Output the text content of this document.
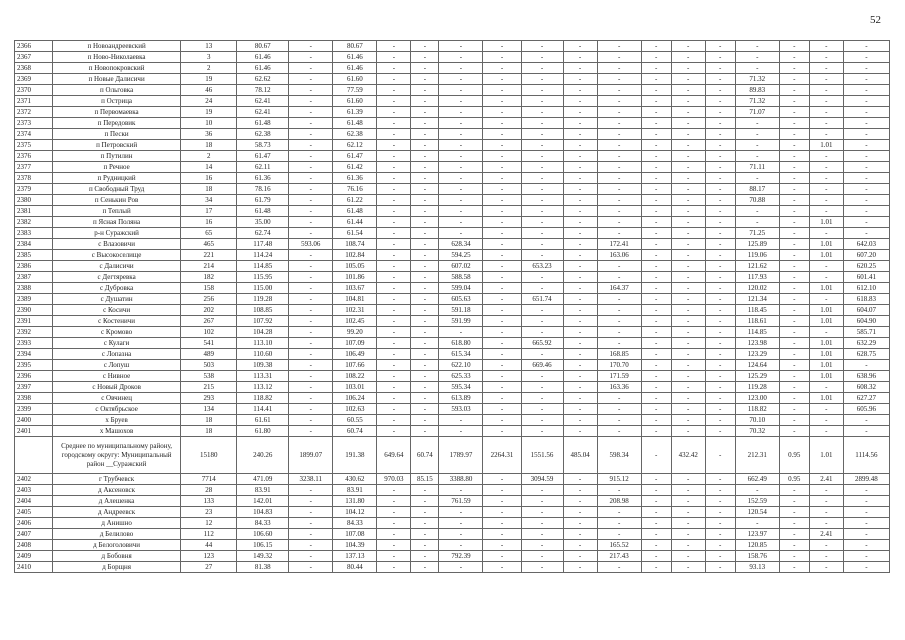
52
2366	п Новоандреевский	13	80.67	-	80.67	-	-	-	-	-	-	-	-	-	-	-	-	-	-
2367	п Ново-Николаевка	3	61.46	-	61.46	-	-	-	-	-	-	-	-	-	-	-	-	-	-
2368	п Новопокровский	2	61.46	-	61.46	-	-	-	-	-	-	-	-	-	-	-	-	-	-
2369	п Новые Далисичи	19	62.62	-	61.60	-	-	-	-	-	-	-	-	-	-	71.32	-	-	-
2370	п Ольговка	46	78.12	-	77.59	-	-	-	-	-	-	-	-	-	-	89.83	-	-	-
2371	п Острица	24	62.41	-	61.60	-	-	-	-	-	-	-	-	-	-	71.32	-	-	-
2372	п Первомаевка	19	62.41	-	61.39	-	-	-	-	-	-	-	-	-	-	71.07	-	-	-
2373	п Передовик	10	61.48	-	61.48	-	-	-	-	-	-	-	-	-	-	-	-	-	-
2374	п Пески	36	62.38	-	62.38	-	-	-	-	-	-	-	-	-	-	-	-	-	-
2375	п Петровский	18	58.73	-	62.12	-	-	-	-	-	-	-	-	-	-	-	-	1.01	-
2376	п Путилин	2	61.47	-	61.47	-	-	-	-	-	-	-	-	-	-	-	-	-	-
2377	п Речное	14	62.11	-	61.42	-	-	-	-	-	-	-	-	-	-	71.11	-	-	-
2378	п Рудницкий	16	61.36	-	61.36	-	-	-	-	-	-	-	-	-	-	-	-	-	-
2379	п Свободный Труд	18	78.16	-	76.16	-	-	-	-	-	-	-	-	-	-	88.17	-	-	-
2380	п Сенькин Ров	34	61.79	-	61.22	-	-	-	-	-	-	-	-	-	-	70.88	-	-	-
2381	п Теплый	17	61.48	-	61.48	-	-	-	-	-	-	-	-	-	-	-	-	-	-
2382	п Ясная Поляна	16	35.00	-	61.44	-	-	-	-	-	-	-	-	-	-	-	-	1.01	-
2383	р-н Суражский	65	62.74	-	61.54	-	-	-	-	-	-	-	-	-	-	71.25	-	-	-
2384	с Влазовичи	465	117.48	593.06	108.74	-	-	628.34	-	-	-	172.41	-	-	-	125.89	-	1.01	642.03
2385	с Высокоселище	221	114.24	-	102.84	-	-	594.25	-	-	-	163.06	-	-	-	119.06	-	1.01	607.20
2386	с Далисичи	214	114.85	-	105.05	-	-	607.02	-	653.23	-	-	-	-	-	121.62	-	-	620.25
2387	с Дегтяревка	182	115.95	-	101.86	-	-	588.58	-	-	-	-	-	-	-	117.93	-	-	601.41
2388	с Дубровка	158	115.00	-	103.67	-	-	599.04	-	-	-	164.37	-	-	-	120.02	-	1.01	612.10
2389	с Душатин	256	119.28	-	104.81	-	-	605.63	-	651.74	-	-	-	-	-	121.34	-	-	618.83
2390	с Косичи	202	108.85	-	102.31	-	-	591.18	-	-	-	-	-	-	-	118.45	-	1.01	604.07
2391	с Костеничи	267	107.92	-	102.45	-	-	591.99	-	-	-	-	-	-	-	118.61	-	1.01	604.90
2392	с Кромово	102	104.28	-	99.20	-	-	-	-	-	-	-	-	-	-	114.85	-	-	585.71
2393	с Кулаги	541	113.10	-	107.09	-	-	618.80	-	665.92	-	-	-	-	-	123.98	-	1.01	632.29
2394	с Лопазна	489	110.60	-	106.49	-	-	615.34	-	-	-	168.85	-	-	-	123.29	-	1.01	628.75
2395	с Лопуш	503	109.38	-	107.66	-	-	622.10	-	669.46	-	170.70	-	-	-	124.64	-	1.01	-
2396	с Нивное	538	113.31	-	108.22	-	-	625.33	-	-	-	171.59	-	-	-	125.29	-	1.01	638.96
2397	с Новый Дроков	215	113.12	-	103.01	-	-	595.34	-	-	-	163.36	-	-	-	119.28	-	-	608.32
2398	с Овчинец	293	118.82	-	106.24	-	-	613.89	-	-	-	-	-	-	-	123.00	-	1.01	627.27
2399	с Октябрьское	134	114.41	-	102.63	-	-	593.03	-	-	-	-	-	-	-	118.82	-	-	605.96
2400	х Бруев	18	61.61	-	60.55	-	-	-	-	-	-	-	-	-	-	70.10	-	-	-
2401	х Машохов	18	61.80	-	60.74	-	-	-	-	-	-	-	-	-	-	70.32	-	-	-
	Среднее по муниципальному району, городскому округу: Муниципальный район __Суражский	15180	240.26	1899.07	191.38	649.64	60.74	1789.97	2264.31	1551.56	485.04	598.34	-	432.42	-	212.31	0.95	1.01	1114.56
2402	г Трубчевск	7714	471.09	3238.11	430.62	970.03	85.15	3388.80	-	3094.59	-	915.12	-	-	-	662.49	0.95	2.41	2899.48
2403	д Аксеновск	28	83.91	-	83.91	-	-	-	-	-	-	-	-	-	-	-	-	-	-
2404	д Алешенка	133	142.01	-	131.80	-	-	761.59	-	-	-	208.98	-	-	-	152.59	-	-	-
2405	д Андреевск	23	104.83	-	104.12	-	-	-	-	-	-	-	-	-	-	120.54	-	-	-
2406	д Анишно	12	84.33	-	84.33	-	-	-	-	-	-	-	-	-	-	-	-	-	-
2407	д Белилово	112	106.60	-	107.08	-	-	-	-	-	-	-	-	-	-	123.97	-	2.41	-
2408	д Белоголовичи	44	106.15	-	104.39	-	-	-	-	-	-	165.52	-	-	-	120.85	-	-	-
2409	д Бобовня	123	149.32	-	137.13	-	-	792.39	-	-	-	217.43	-	-	-	158.76	-	-	-
2410	д Борщня	27	81.38	-	80.44	-	-	-	-	-	-	-	-	-	-	93.13	-	-	-
